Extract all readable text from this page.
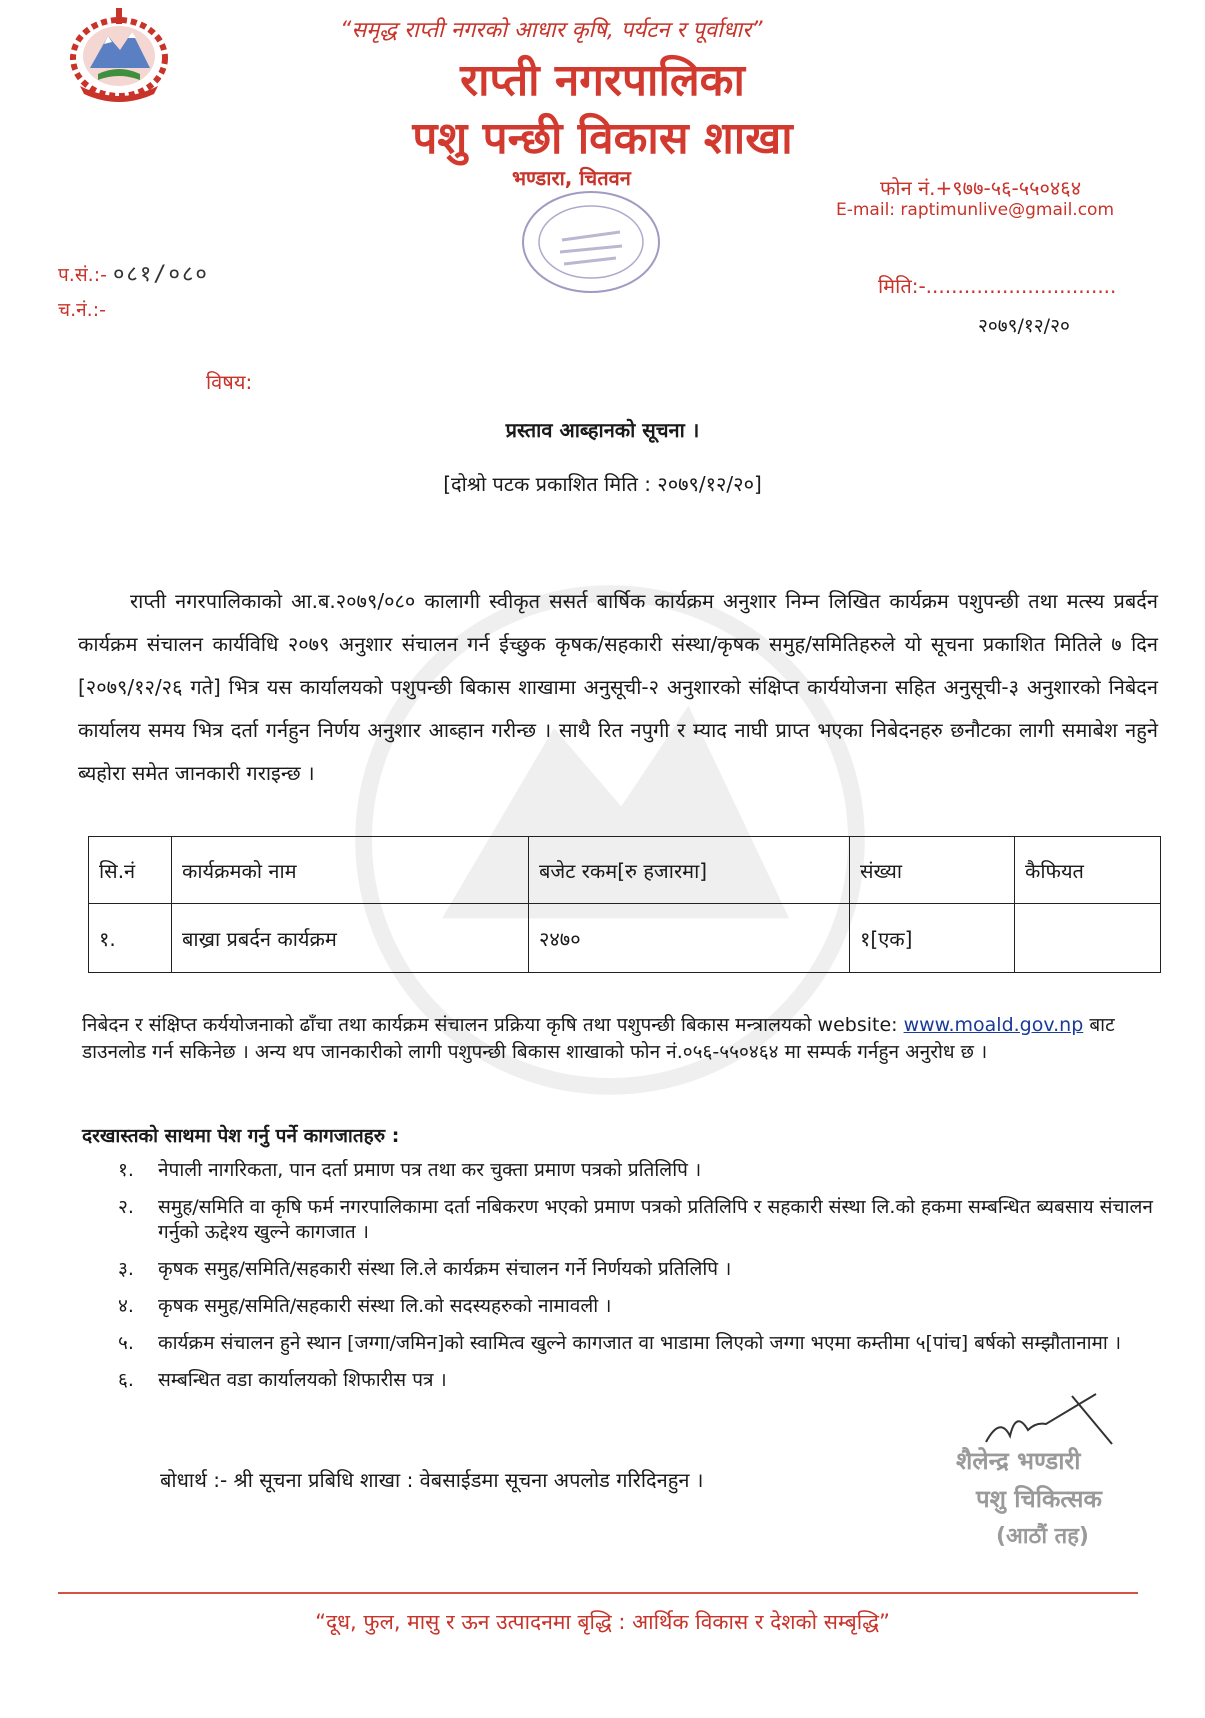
“समृद्ध राप्ती नगरको आधार कृषि, पर्यटन र पूर्वाधार”
राप्ती नगरपालिका
पशु पन्छी विकास शाखा
भण्डारा, चितवन	फोन नं.+९७७-५६-५५०४६४
E-mail: raptimunlive@gmail.com
प.सं.:- ०८१/०८०
च.नं.:-
मिति:-..............................
२०७९/१२/२०
विषय:
प्रस्ताव आब्हानको सूचना ।
[दोश्रो पटक प्रकाशित मिति : २०७९/१२/२०]
राप्ती नगरपालिकाको आ.ब.२०७९/०८० कालागी स्वीकृत ससर्त बार्षिक कार्यक्रम अनुशार निम्न लिखित कार्यक्रम पशुपन्छी तथा मत्स्य प्रबर्दन कार्यक्रम संचालन कार्यविधि २०७९ अनुशार संचालन गर्न ईच्छुक कृषक/सहकारी संस्था/कृषक समुह/समितिहरुले यो सूचना प्रकाशित मितिले ७ दिन [२०७९/१२/२६ गते] भित्र यस कार्यालयको पशुपन्छी बिकास शाखामा अनुसूची-२ अनुशारको संक्षिप्त कार्ययोजना सहित अनुसूची-३ अनुशारको निबेदन कार्यालय समय भित्र दर्ता गर्नहुन निर्णय अनुशार आब्हान गरीन्छ । साथै रित नपुगी र म्याद नाघी प्राप्त भएका निबेदनहरु छनौटका लागी समाबेश नहुने ब्यहोरा समेत जानकारी गराइन्छ ।
सि.नं	कार्यक्रमको नाम	बजेट रकम[रु हजारमा]	संख्या	कैफियत
१.	बाख्रा प्रबर्दन कार्यक्रम	२४७०	१[एक]	
निबेदन र संक्षिप्त कर्ययोजनाको ढाँचा तथा कार्यक्रम संचालन प्रक्रिया कृषि तथा पशुपन्छी बिकास मन्त्रालयको website: www.moald.gov.np बाट डाउनलोड गर्न सकिनेछ । अन्य थप जानकारीको लागी पशुपन्छी बिकास शाखाको फोन नं.०५६-५५०४६४ मा सम्पर्क गर्नहुन अनुरोध छ ।
दरखास्तको साथमा पेश गर्नु पर्ने कागजातहरु :
१. नेपाली नागरिकता, पान दर्ता प्रमाण पत्र तथा कर चुक्ता प्रमाण पत्रको प्रतिलिपि ।
२. समुह/समिति वा कृषि फर्म नगरपालिकामा दर्ता नबिकरण भएको प्रमाण पत्रको प्रतिलिपि र सहकारी संस्था लि.को हकमा सम्बन्धित ब्यबसाय संचालन गर्नुको ऊद्देश्य खुल्ने कागजात ।
३. कृषक समुह/समिति/सहकारी संस्था लि.ले कार्यक्रम संचालन गर्ने निर्णयको प्रतिलिपि ।
४. कृषक समुह/समिति/सहकारी संस्था लि.को सदस्यहरुको नामावली ।
५. कार्यक्रम संचालन हुने स्थान [जग्गा/जमिन]को स्वामित्व खुल्ने कागजात वा भाडामा लिएको जग्गा भएमा कम्तीमा ५[पांच] बर्षको सम्झौतानामा ।
६. सम्बन्धित वडा कार्यालयको शिफारीस पत्र ।
बोधार्थ :- श्री सूचना प्रबिधि शाखा : वेबसाईडमा सूचना अपलोड गरिदिनहुन ।
शैलेन्द्र भण्डारी
पशु चिकित्सक
(आठौं तह)
“दूध, फुल, मासु र ऊन उत्पादनमा बृद्धि : आर्थिक विकास र देशको सम्बृद्धि”
